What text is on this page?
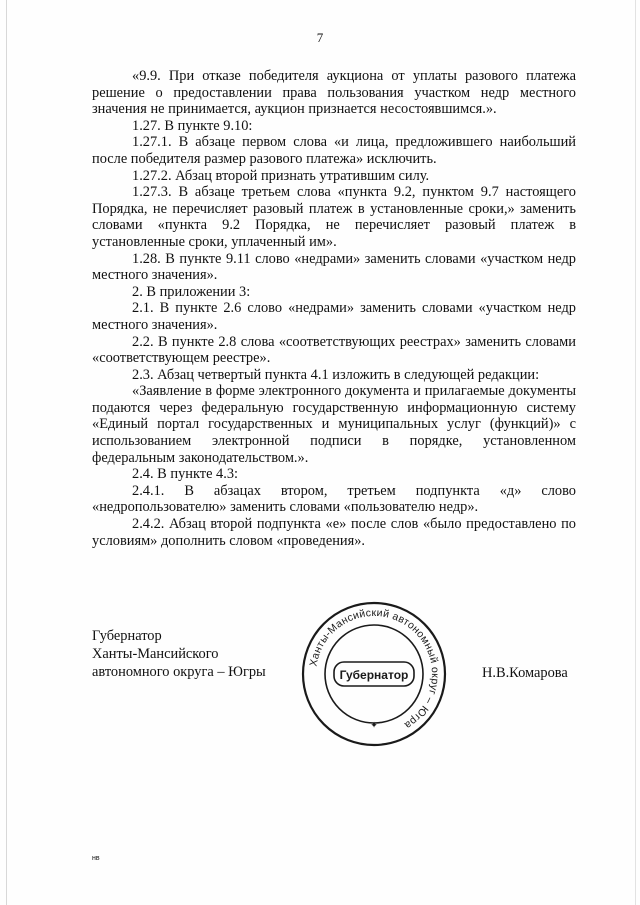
7

«9.9. При отказе победителя аукциона от уплаты разового платежа решение о предоставлении права пользования участком недр местного значения не принимается, аукцион признается несостоявшимся.».

1.27. В пункте 9.10:

1.27.1. В абзаце первом слова «и лица, предложившего наибольший после победителя размер разового платежа» исключить.

1.27.2. Абзац второй признать утратившим силу.

1.27.3. В абзаце третьем слова «пункта 9.2, пунктом 9.7 настоящего Порядка, не перечисляет разовый платеж в установленные сроки,» заменить словами «пункта 9.2 Порядка, не перечисляет разовый платеж в установленные сроки, уплаченный им».

1.28. В пункте 9.11 слово «недрами» заменить словами «участком недр местного значения».

2. В приложении 3:

2.1. В пункте 2.6 слово «недрами» заменить словами «участком недр местного значения».

2.2. В пункте 2.8 слова «соответствующих реестрах» заменить словами «соответствующем реестре».

2.3. Абзац четвертый пункта 4.1 изложить в следующей редакции:

«Заявление в форме электронного документа и прилагаемые документы подаются через федеральную государственную информационную систему «Единый портал государственных и муниципальных услуг (функций)» с использованием электронной подписи в порядке, установленном федеральным законодательством.».

2.4. В пункте 4.3:

2.4.1. В абзацах втором, третьем подпункта «д» слово «недропользователю» заменить словами «пользователю недр».

2.4.2. Абзац второй подпункта «е» после слов «было предоставлено по условиям» дополнить словом «проведения».

Губернатор
Ханты-Мансийского
автономного округа – Югры
Ханты-Мансийский автономный округ – Югра
Губернатор
✦
Н.В.Комарова
нв
